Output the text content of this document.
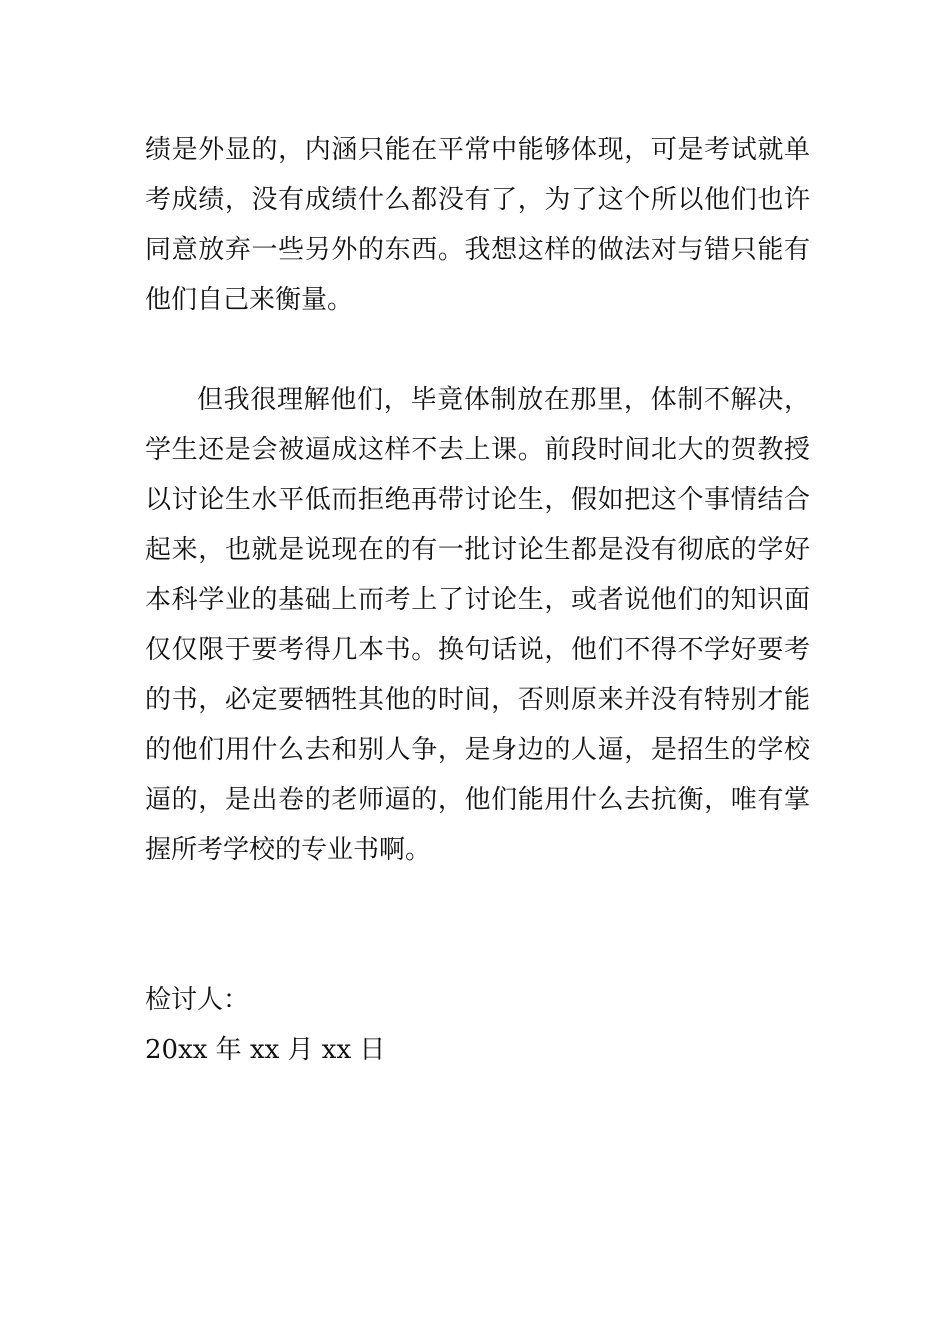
绩是外显的，内涵只能在平常中能够体现，可是考试就单
考成绩，没有成绩什么都没有了，为了这个所以他们也许
同意放弃一些另外的东西。我想这样的做法对与错只能有
他们自己来衡量。
但我很理解他们，毕竟体制放在那里，体制不解决，
学生还是会被逼成这样不去上课。前段时间北大的贺教授
以讨论生水平低而拒绝再带讨论生，假如把这个事情结合
起来，也就是说现在的有一批讨论生都是没有彻底的学好
本科学业的基础上而考上了讨论生，或者说他们的知识面
仅仅限于要考得几本书。换句话说，他们不得不学好要考
的书，必定要牺牲其他的时间，否则原来并没有特别才能
的他们用什么去和别人争，是身边的人逼，是招生的学校
逼的，是出卷的老师逼的，他们能用什么去抗衡，唯有掌
握所考学校的专业书啊。
检讨人：
20xx 年 xx 月 xx 日
